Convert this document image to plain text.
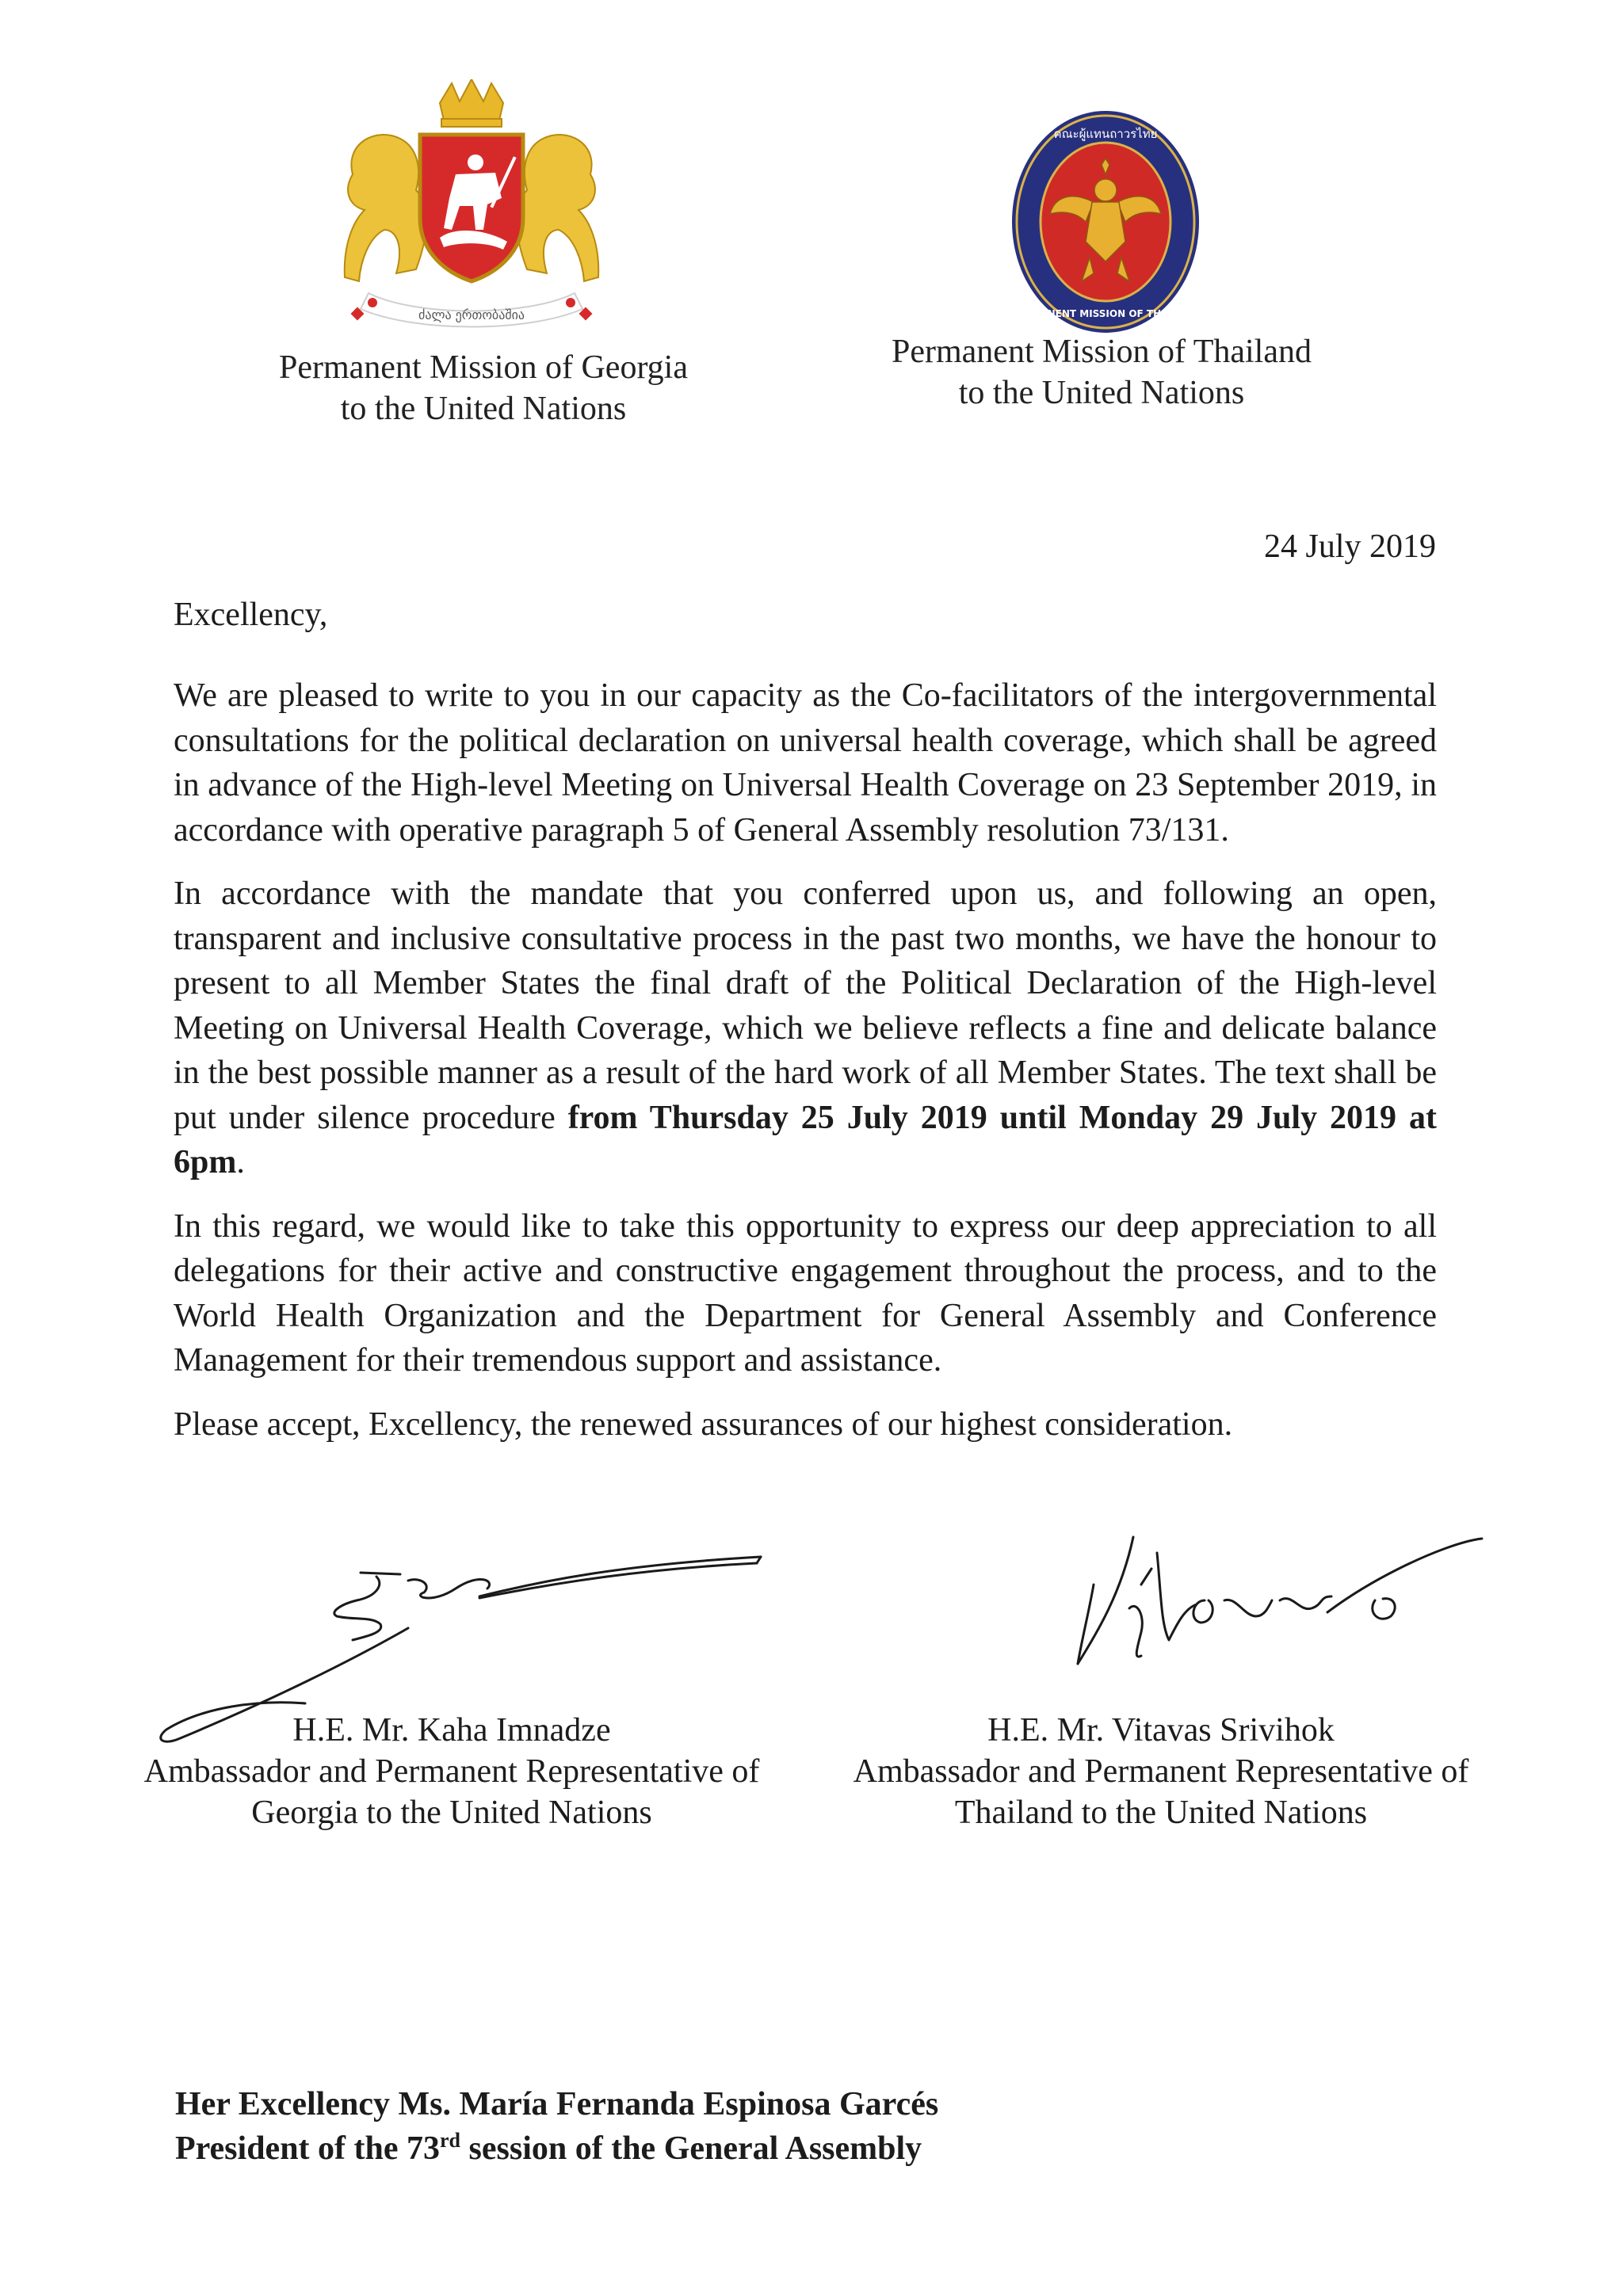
ძალა ერთობაშია
คณะผู้แทนถาวรไทย
PERMANENT MISSION OF THAILAND
Permanent Mission of Georgia
to the United Nations
Permanent Mission of Thailand
to the United Nations
24 July 2019
Excellency,

We are pleased to write to you in our capacity as the Co-facilitators of the intergovernmental consultations for the political declaration on universal health coverage, which shall be agreed in advance of the High-level Meeting on Universal Health Coverage on 23 September 2019, in accordance with operative paragraph 5 of General Assembly resolution 73/131.

In accordance with the mandate that you conferred upon us, and following an open, transparent and inclusive consultative process in the past two months, we have the honour to present to all Member States the final draft of the Political Declaration of the High-level Meeting on Universal Health Coverage, which we believe reflects a fine and delicate balance in the best possible manner as a result of the hard work of all Member States. The text shall be put under silence procedure from Thursday 25 July 2019 until Monday 29 July 2019 at 6pm.

In this regard, we would like to take this opportunity to express our deep appreciation to all delegations for their active and constructive engagement throughout the process, and to the World Health Organization and the Department for General Assembly and Conference Management for their tremendous support and assistance.

Please accept, Excellency, the renewed assurances of our highest consideration.

H.E. Mr. Kaha Imnadze
Ambassador and Permanent Representative of
Georgia to the United Nations
H.E. Mr. Vitavas Srivihok
Ambassador and Permanent Representative of
Thailand to the United Nations
Her Excellency Ms. María Fernanda Espinosa Garcés
President of the 73rd session of the General Assembly
